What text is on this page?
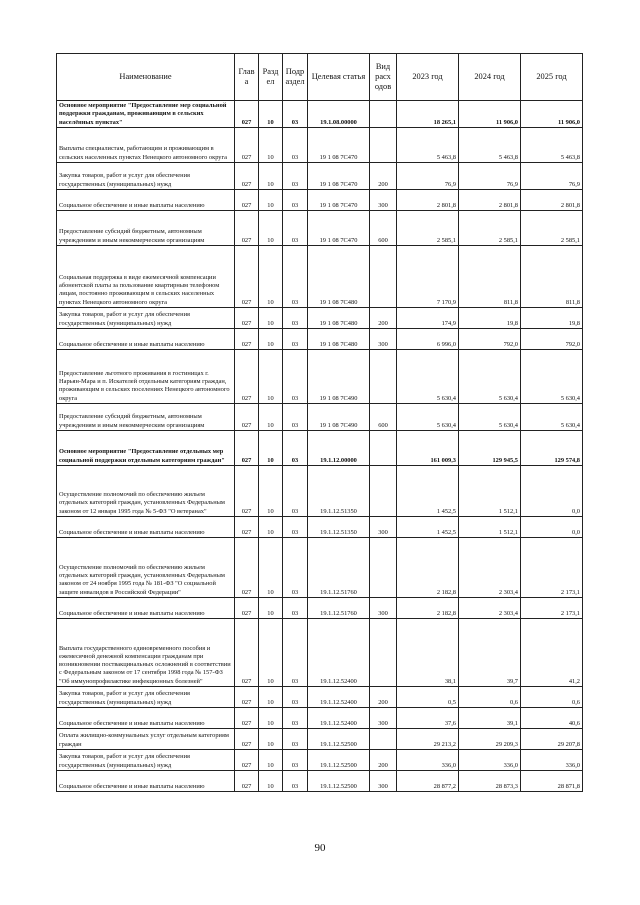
Наименование	Глав а	Разд ел	Подр аздел	Целевая статья	Вид расх одов	2023 год	2024 год	2025 год
Основное мероприятие "Предоставление мер социальной поддержки гражданам, проживающим в сельских населённых пунктах"	027	10	03	19.1.08.00000		18 265,1	11 906,0	11 906,0
Выплаты специалистам, работающим и проживающим в сельских населенных пунктах Ненецкого автономного округа	027	10	03	19 1 08 7С470		5 463,8	5 463,8	5 463,8
Закупка товаров, работ и услуг для обеспечения государственных (муниципальных) нужд	027	10	03	19 1 08 7С470	200	76,9	76,9	76,9
Социальное обеспечение и иные выплаты населению	027	10	03	19 1 08 7С470	300	2 801,8	2 801,8	2 801,8
Предоставление субсидий бюджетным, автономным учреждениям и иным некоммерческим организациям	027	10	03	19 1 08 7С470	600	2 585,1	2 585,1	2 585,1
Социальная поддержка в виде ежемесячной компенсации абонентской платы за пользование квартирным телефоном лицам, постоянно проживающим в сельских населенных пунктах Ненецкого автономного округа	027	10	03	19 1 08 7С480		7 170,9	811,8	811,8
Закупка товаров, работ и услуг для обеспечения государственных (муниципальных) нужд	027	10	03	19 1 08 7С480	200	174,9	19,8	19,8
Социальное обеспечение и иные выплаты населению	027	10	03	19 1 08 7С480	300	6 996,0	792,0	792,0
Предоставление льготного проживания в гостиницах г. Нарьян-Мара и п. Искателей отдельным категориям граждан, проживающим в сельских поселениях Ненецкого автономного округа	027	10	03	19 1 08 7С490		5 630,4	5 630,4	5 630,4
Предоставление субсидий бюджетным, автономным учреждениям и иным некоммерческим организациям	027	10	03	19 1 08 7С490	600	5 630,4	5 630,4	5 630,4
Основное мероприятие "Предоставление отдельных мер социальной поддержки отдельным категориям граждан"	027	10	03	19.1.12.00000		161 009,3	129 945,5	129 574,8
Осуществление полномочий по обеспечению жильем отдельных категорий граждан, установленных Федеральным законом от 12 января 1995 года № 5-ФЗ "О ветеранах"	027	10	03	19.1.12.51350		1 452,5	1 512,1	0,0
Социальное обеспечение и иные выплаты населению	027	10	03	19.1.12.51350	300	1 452,5	1 512,1	0,0
Осуществление полномочий по обеспечению жильем отдельных категорий граждан, установленных Федеральным законом от 24 ноября 1995 года № 181-ФЗ "О социальной защите инвалидов в Российской Федерации"	027	10	03	19.1.12.51760		2 182,8	2 303,4	2 173,1
Социальное обеспечение и иные выплаты населению	027	10	03	19.1.12.51760	300	2 182,8	2 303,4	2 173,1
Выплата государственного единовременного пособия и ежемесячной денежной компенсации гражданам при возникновении поствакцинальных осложнений в соответствии с Федеральным законом от 17 сентября 1998 года № 157-ФЗ "Об иммунопрофилактике инфекционных болезней"	027	10	03	19.1.12.52400		38,1	39,7	41,2
Закупка товаров, работ и услуг для обеспечения государственных (муниципальных) нужд	027	10	03	19.1.12.52400	200	0,5	0,6	0,6
Социальное обеспечение и иные выплаты населению	027	10	03	19.1.12.52400	300	37,6	39,1	40,6
Оплата жилищно-коммунальных услуг отдельным категориям граждан	027	10	03	19.1.12.52500		29 213,2	29 209,3	29 207,8
Закупка товаров, работ и услуг для обеспечения государственных (муниципальных) нужд	027	10	03	19.1.12.52500	200	336,0	336,0	336,0
Социальное обеспечение и иные выплаты населению	027	10	03	19.1.12.52500	300	28 877,2	28 873,3	28 871,8
90
